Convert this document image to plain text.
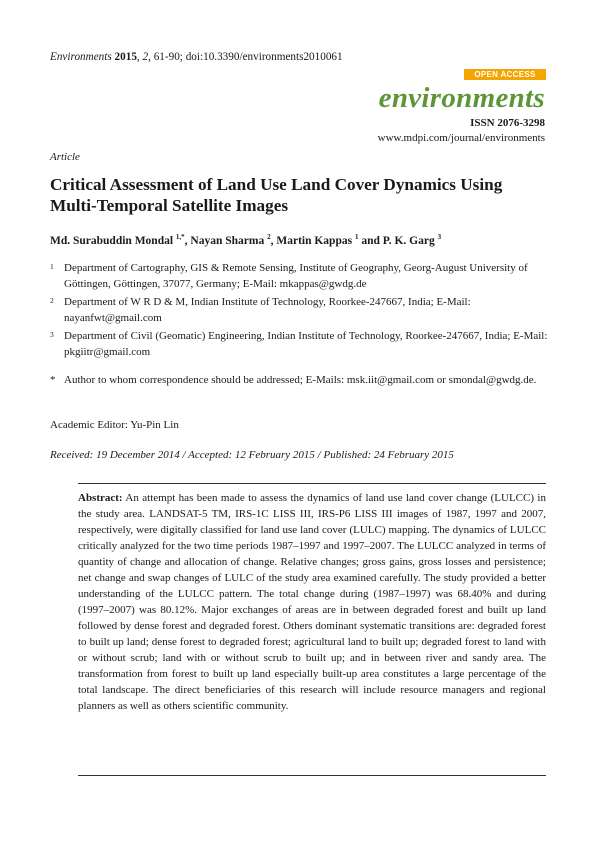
Environments 2015, 2, 61-90; doi:10.3390/environments2010061
OPEN ACCESS
environments
ISSN 2076-3298
www.mdpi.com/journal/environments
Article
Critical Assessment of Land Use Land Cover Dynamics Using Multi-Temporal Satellite Images
Md. Surabuddin Mondal $^{1,*}$, Nayan Sharma $^2$, Martin Kappas $^1$ and P. K. Garg $^3$
1 Department of Cartography, GIS & Remote Sensing, Institute of Geography, Georg-August University of Göttingen, Göttingen, 37077, Germany; E-Mail: mkappas@gwdg.de
2 Department of W R D & M, Indian Institute of Technology, Roorkee-247667, India; E-Mail: nayanfwt@gmail.com
3 Department of Civil (Geomatic) Engineering, Indian Institute of Technology, Roorkee-247667, India; E-Mail: pkgiitr@gmail.com
* Author to whom correspondence should be addressed; E-Mails: msk.iit@gmail.com or smondal@gwdg.de.
Academic Editor: Yu-Pin Lin
Received: 19 December 2014 / Accepted: 12 February 2015 / Published: 24 February 2015
Abstract: An attempt has been made to assess the dynamics of land use land cover change (LULCC) in the study area. LANDSAT-5 TM, IRS-1C LISS III, IRS-P6 LISS III images of 1987, 1997 and 2007, respectively, were digitally classified for land use land cover (LULC) mapping. The dynamics of LULCC critically analyzed for the two time periods 1987–1997 and 1997–2007. The LULCC analyzed in terms of quantity of change and allocation of change. Relative changes; gross gains, gross losses and persistence; net change and swap changes of LULC of the study area examined carefully. The study provided a better understanding of the LULCC pattern. The total change during (1987–1997) was 68.40% and during (1997–2007) was 80.12%. Major exchanges of areas are in between degraded forest and built up land followed by dense forest and degraded forest. Others dominant systematic transitions are: degraded forest to built up land; dense forest to degraded forest; agricultural land to built up; degraded forest to land with or without scrub; land with or without scrub to built up; and in between river and sandy area. The transformation from forest to built up land especially built-up area constitutes a large percentage of the total landscape. The direct beneficiaries of this research will include resource managers and regional planners as well as others scientific community.
